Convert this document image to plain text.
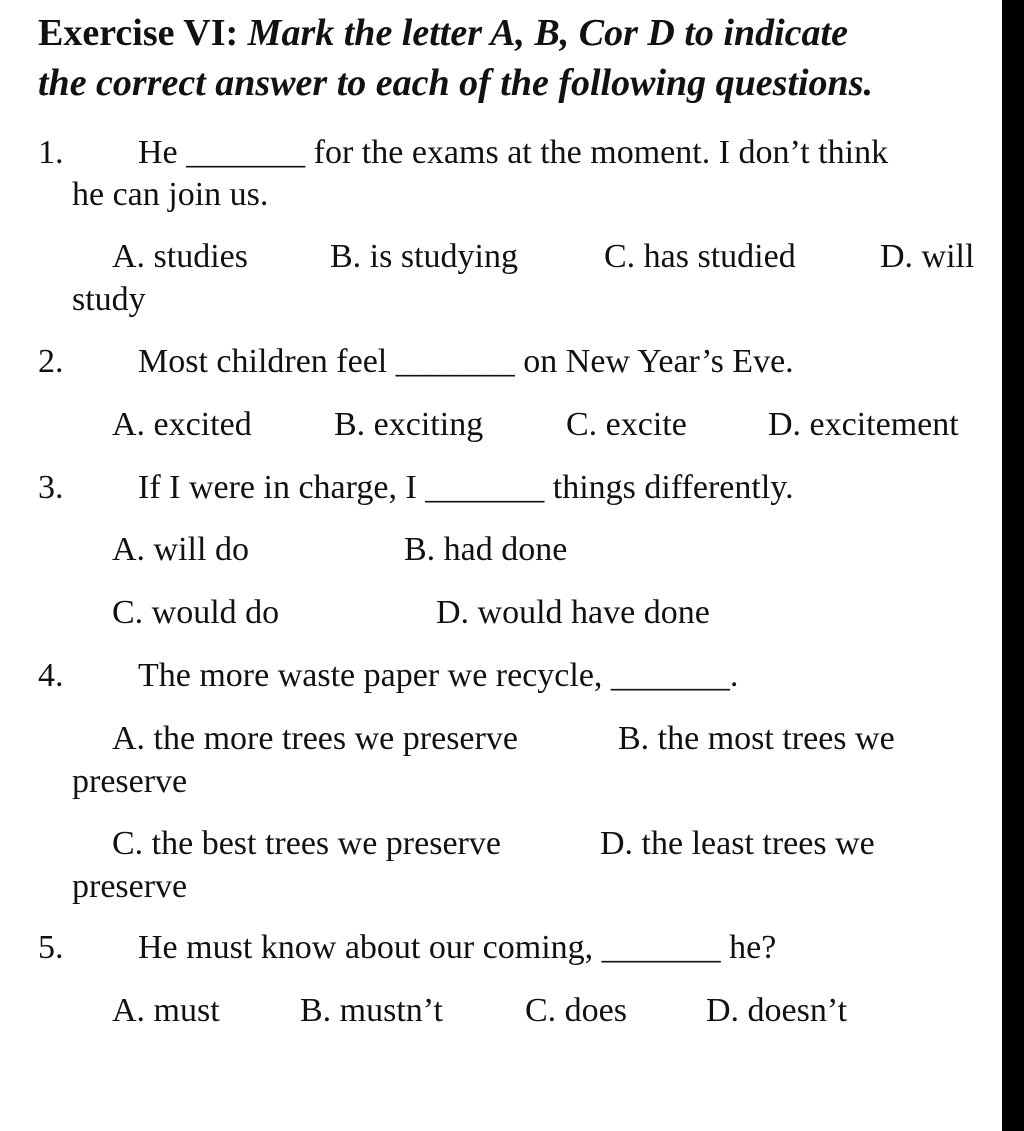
Exercise VI: Mark the letter A, B, Cor D to indicate
the correct answer to each of the following questions.
1. He _______ for the exams at the moment. I don’t think
he can join us.
A. studies B. is studying	C. has studied D. will
study
2. Most children feel _______ on New Year’s Eve.
A. excited B. exciting C. excite D. excitement
3. If I were in charge, I _______ things differently.
A. will do	B. had done
C. would do	D. would have done
4. The more waste paper we recycle, _______.
A. the more trees we preserve	B. the most trees we
preserve
C. the best trees we preserve	D. the least trees we
preserve
5. He must know about our coming, _______ he?
A. must B. mustn’t C. does D. doesn’t
